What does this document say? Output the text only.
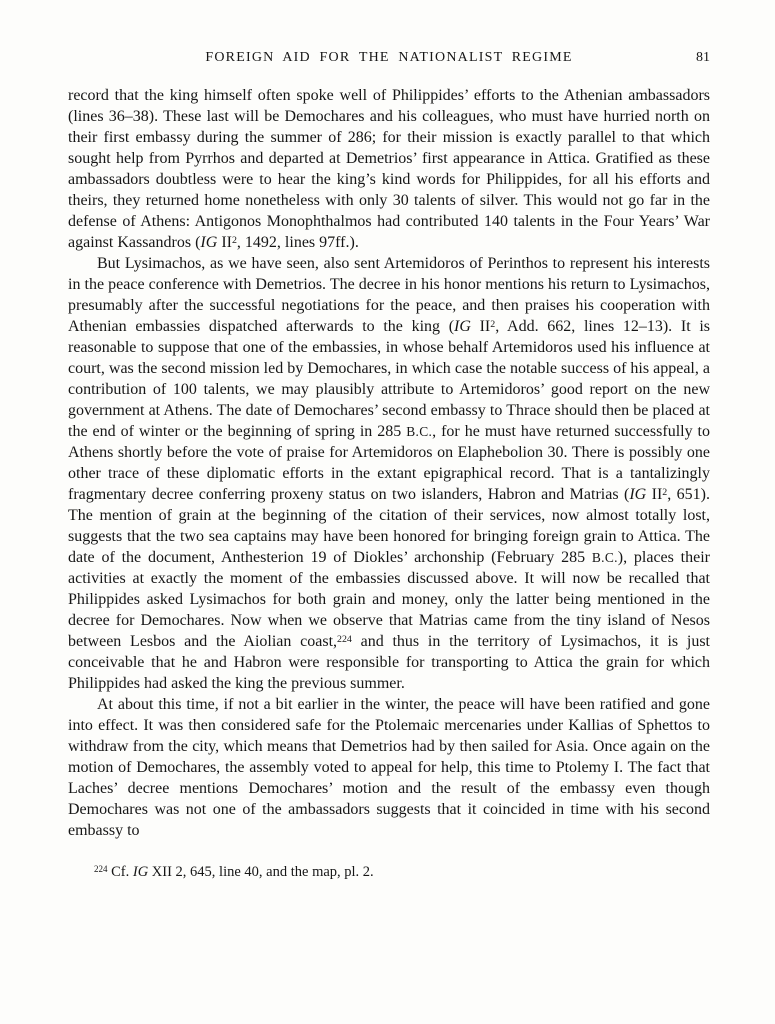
FOREIGN AID FOR THE NATIONALIST REGIME	81

record that the king himself often spoke well of Philippides’ efforts to the Athenian ambassadors (lines 36–38). These last will be Demochares and his colleagues, who must have hurried north on their first embassy during the summer of 286; for their mission is exactly parallel to that which sought help from Pyrrhos and departed at Demetrios’ first appearance in Attica. Gratified as these ambassadors doubtless were to hear the king’s kind words for Philippides, for all his efforts and theirs, they returned home nonetheless with only 30 talents of silver. This would not go far in the defense of Athens: Antigonos Monophthalmos had contributed 140 talents in the Four Years’ War against Kassandros (IG $II^2$, 1492, lines 97ff.).

But Lysimachos, as we have seen, also sent Artemidoros of Perinthos to represent his interests in the peace conference with Demetrios. The decree in his honor mentions his return to Lysimachos, presumably after the successful negotiations for the peace, and then praises his cooperation with Athenian embassies dispatched afterwards to the king (IG $II^2$, Add. 662, lines 12–13). It is reasonable to suppose that one of the embassies, in whose behalf Artemidoros used his influence at court, was the second mission led by Demochares, in which case the notable success of his appeal, a contribution of 100 talents, we may plausibly attribute to Artemidoros’ good report on the new government at Athens. The date of Demochares’ second embassy to Thrace should then be placed at the end of winter or the beginning of spring in 285 B.C., for he must have returned successfully to Athens shortly before the vote of praise for Artemidoros on Elaphebolion 30. There is possibly one other trace of these diplomatic efforts in the extant epigraphical record. That is a tantalizingly fragmentary decree conferring proxeny status on two islanders, Habron and Matrias (IG $II^2$, 651). The mention of grain at the beginning of the citation of their services, now almost totally lost, suggests that the two sea captains may have been honored for bringing foreign grain to Attica. The date of the document, Anthesterion 19 of Diokles’ archonship (February 285 B.C.), places their activities at exactly the moment of the embassies discussed above. It will now be recalled that Philippides asked Lysimachos for both grain and money, only the latter being mentioned in the decree for Demochares. Now when we observe that Matrias came from the tiny island of Nesos between Lesbos and the Aiolian coast,$^{224}$ and thus in the territory of Lysimachos, it is just conceivable that he and Habron were responsible for transporting to Attica the grain for which Philippides had asked the king the previous summer.

At about this time, if not a bit earlier in the winter, the peace will have been ratified and gone into effect. It was then considered safe for the Ptolemaic mercenaries under Kallias of Sphettos to withdraw from the city, which means that Demetrios had by then sailed for Asia. Once again on the motion of Demochares, the assembly voted to appeal for help, this time to Ptolemy I. The fact that Laches’ decree mentions Demochares’ motion and the result of the embassy even though Demochares was not one of the ambassadors suggests that it coincided in time with his second embassy to

$^{224}$ Cf. IG XII 2, 645, line 40, and the map, pl. 2.
